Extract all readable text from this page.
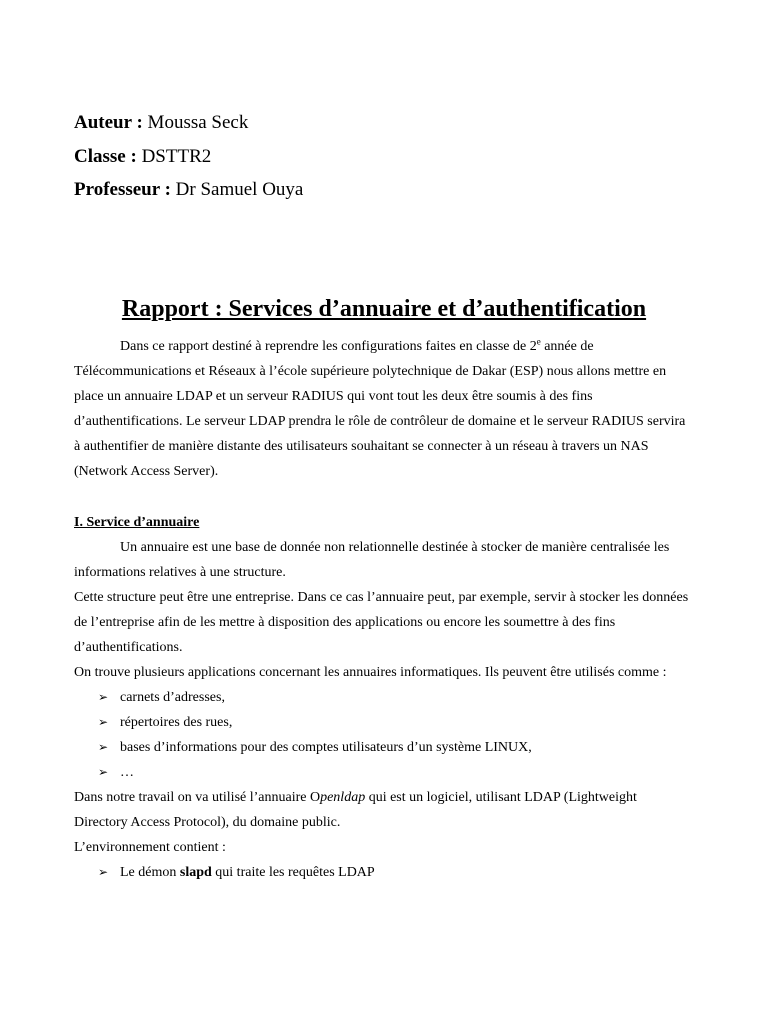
Auteur : Moussa Seck
Classe : DSTTR2
Professeur : Dr Samuel Ouya
Rapport : Services d’annuaire et d’authentification

Dans ce rapport destiné à reprendre les configurations faites en classe de 2e année de Télécommunications et Réseaux à l’école supérieure polytechnique de Dakar (ESP) nous allons mettre en place un annuaire LDAP et un serveur RADIUS qui vont tout les deux être soumis à des fins d’authentifications. Le serveur LDAP prendra le rôle de contrôleur de domaine et le serveur RADIUS servira à authentifier de manière distante des utilisateurs souhaitant se connecter à un réseau à travers un NAS (Network Access Server).

I. Service d’annuaire

Un annuaire est une base de donnée non relationnelle destinée à stocker de manière centralisée les informations relatives à une structure.

Cette structure peut être une entreprise. Dans ce cas l’annuaire peut, par exemple, servir à stocker les données de l’entreprise afin de les mettre à disposition des applications ou encore les soumettre à des fins d’authentifications.

On trouve plusieurs applications concernant les annuaires informatiques. Ils peuvent être utilisés comme :

➢ carnets d’adresses,
➢ répertoires des rues,
➢ bases d’informations pour des comptes utilisateurs d’un système LINUX,
➢ …

Dans notre travail on va utilisé l’annuaire Openldap qui est un logiciel, utilisant LDAP (Lightweight Directory Access Protocol), du domaine public.

L’environnement contient :

➢ Le démon slapd qui traite les requêtes LDAP
